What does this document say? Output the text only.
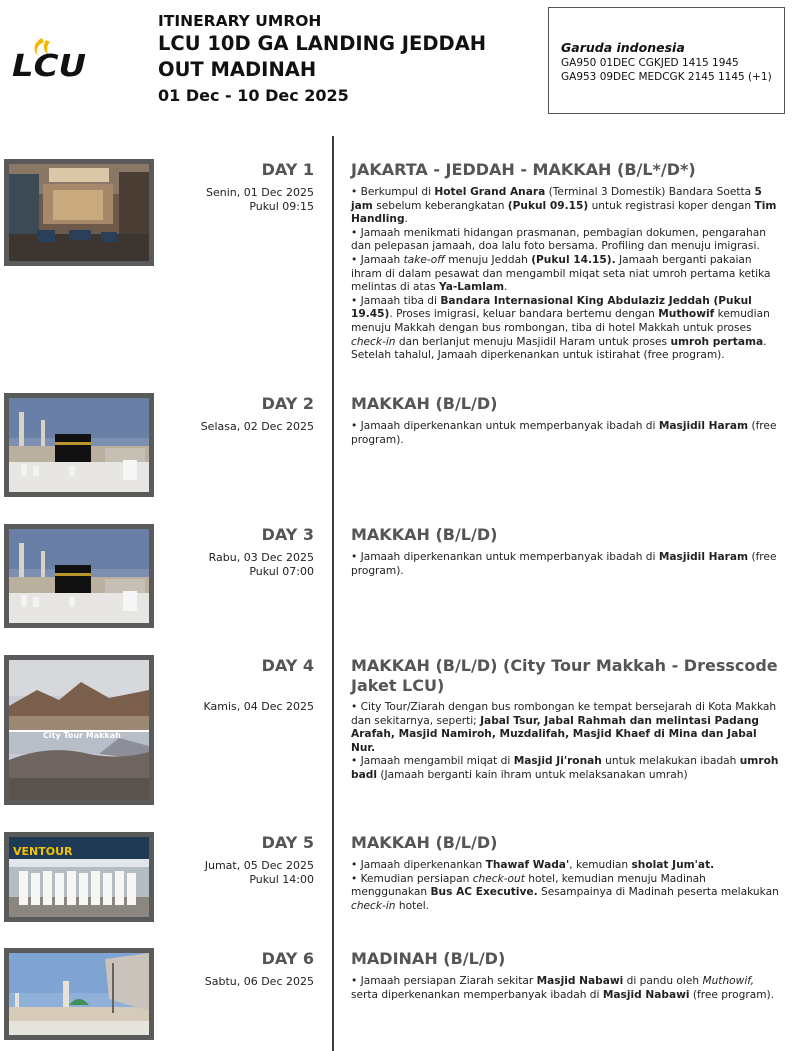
LCU
ITINERARY UMROH
LCU 10D GA LANDING JEDDAH
OUT MADINAH
01 Dec - 10 Dec 2025
Garuda indonesia
GA950 01DEC CGKJED 1415 1945
GA953 09DEC MEDCGK 2145 1145 (+1)
DAY 1
Senin, 01 Dec 2025
Pukul 09:15
JAKARTA - JEDDAH - MAKKAH (B/L*/D*)

• Berkumpul di Hotel Grand Anara (Terminal 3 Domestik) Bandara Soetta 5 jam sebelum keberangkatan (Pukul 09.15) untuk registrasi koper dengan Tim Handling.

• Jamaah menikmati hidangan prasmanan, pembagian dokumen, pengarahan dan pelepasan jamaah, doa lalu foto bersama. Profiling dan menuju imigrasi.

• Jamaah take-off menuju Jeddah (Pukul 14.15). Jamaah berganti pakaian ihram di dalam pesawat dan mengambil miqat seta niat umroh pertama ketika melintas di atas Ya-Lamlam.

• Jamaah tiba di Bandara Internasional King Abdulaziz Jeddah (Pukul 19.45). Proses imigrasi, keluar bandara bertemu dengan Muthowif kemudian menuju Makkah dengan bus rombongan, tiba di hotel Makkah untuk proses check-in dan berlanjut menuju Masjidil Haram untuk proses umroh pertama. Setelah tahalul, Jamaah diperkenankan untuk istirahat (free program).

DAY 2
Selasa, 02 Dec 2025
MAKKAH (B/L/D)

• Jamaah diperkenankan untuk memperbanyak ibadah di Masjidil Haram (free program).

DAY 3
Rabu, 03 Dec 2025
Pukul 07:00
MAKKAH (B/L/D)

• Jamaah diperkenankan untuk memperbanyak ibadah di Masjidil Haram (free program).

City Tour Makkah
DAY 4
Kamis, 04 Dec 2025
MAKKAH (B/L/D) (City Tour Makkah - Dresscode Jaket LCU)

• City Tour/Ziarah dengan bus rombongan ke tempat bersejarah di Kota Makkah dan sekitarnya, seperti; Jabal Tsur, Jabal Rahmah dan melintasi Padang Arafah, Masjid Namiroh, Muzdalifah, Masjid Khaef di Mina dan Jabal Nur.

• Jamaah mengambil miqat di Masjid Ji'ronah untuk melakukan ibadah umroh badl (Jamaah berganti kain ihram untuk melaksanakan umrah)

VENTOUR	DAY 5
Jumat, 05 Dec 2025
Pukul 14:00
MAKKAH (B/L/D)

• Jamaah diperkenankan Thawaf Wada', kemudian sholat Jum'at.

• Kemudian persiapan check-out hotel, kemudian menuju Madinah menggunakan Bus AC Executive. Sesampainya di Madinah peserta melakukan check-in hotel.

DAY 6
Sabtu, 06 Dec 2025
MADINAH (B/L/D)

• Jamaah persiapan Ziarah sekitar Masjid Nabawi di pandu oleh Muthowif, serta diperkenankan memperbanyak ibadah di Masjid Nabawi (free program).
